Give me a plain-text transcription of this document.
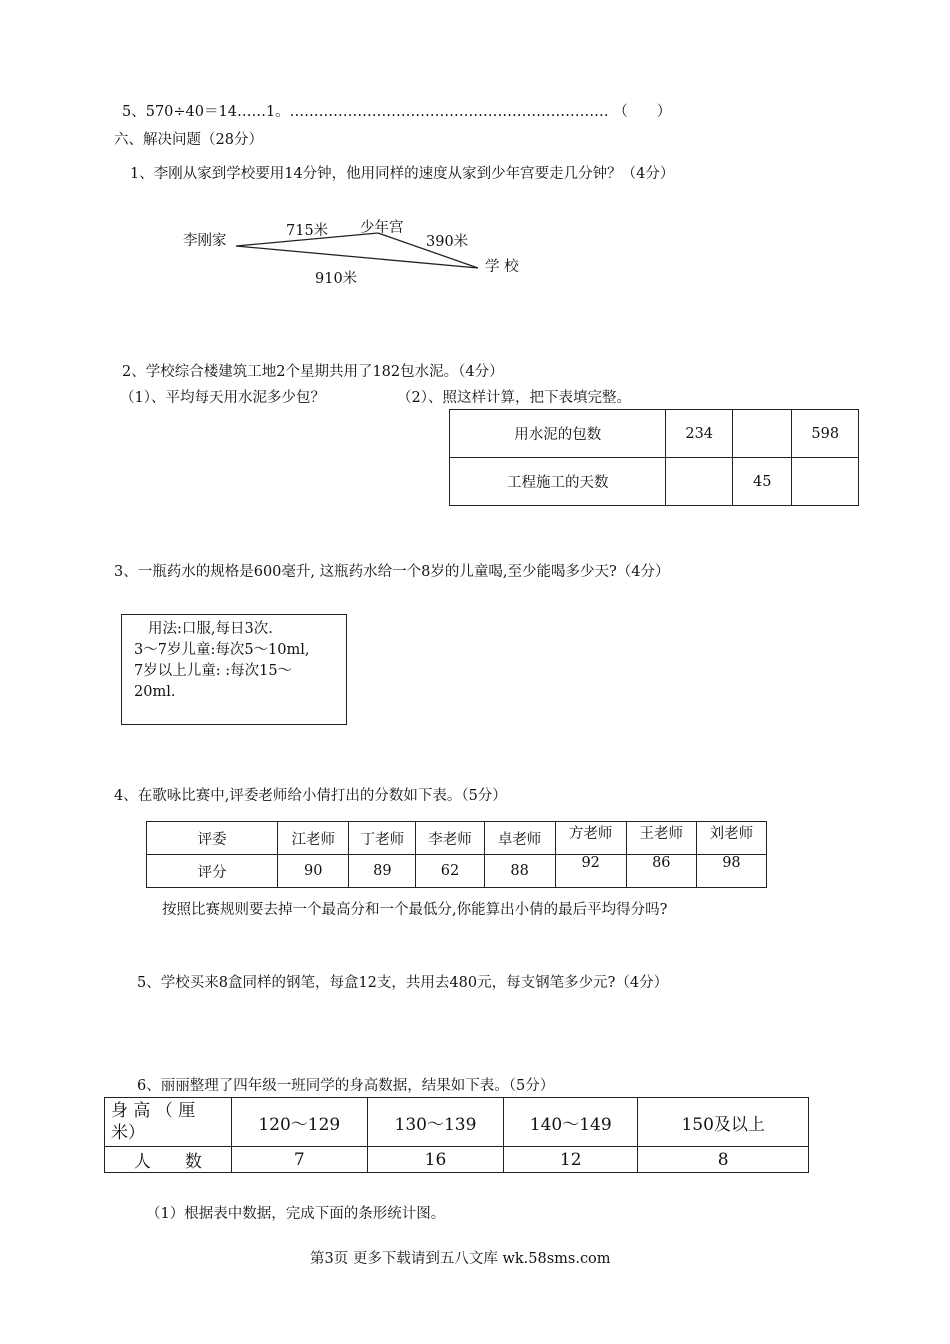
5、570÷40＝14……1。………………………………………………………… （　　）
六、解决问题（28分）
1、李刚从家到学校要用14分钟，他用同样的速度从家到少年宫要走几分钟？（4分）
李刚家
少年宫
学 校
715米
390米
910米
2、学校综合楼建筑工地2个星期共用了182包水泥。（4分）
（1）、平均每天用水泥多少包？	（2）、照这样计算，把下表填完整。
用水泥的包数	234		598
工程施工的天数		45	
3、一瓶药水的规格是600毫升, 这瓶药水给一个8岁的儿童喝,至少能喝多少天?（4分）
用法:口服,每日3次.
3～7岁儿童:每次5～10ml,
7岁以上儿童: :每次15～
20ml.
4、在歌咏比赛中,评委老师给小倩打出的分数如下表。（5分）
评委	江老师	丁老师	李老师	卓老师	方老师	王老师	刘老师
评分	90	89	62	88	92	86	98
按照比赛规则要去掉一个最高分和一个最低分,你能算出小倩的最后平均得分吗?
5、学校买来8盒同样的钢笔，每盒12支，共用去480元，每支钢笔多少元?（4分）
6、丽丽整理了四年级一班同学的身高数据，结果如下表。（5分）
身 高 （ 厘
米）	120～129	130～139	140～149	150及以上
人　　数	7	16	12	8
（1）根据表中数据，完成下面的条形统计图。
第3页 更多下载请到五八文库 wk.58sms.com
